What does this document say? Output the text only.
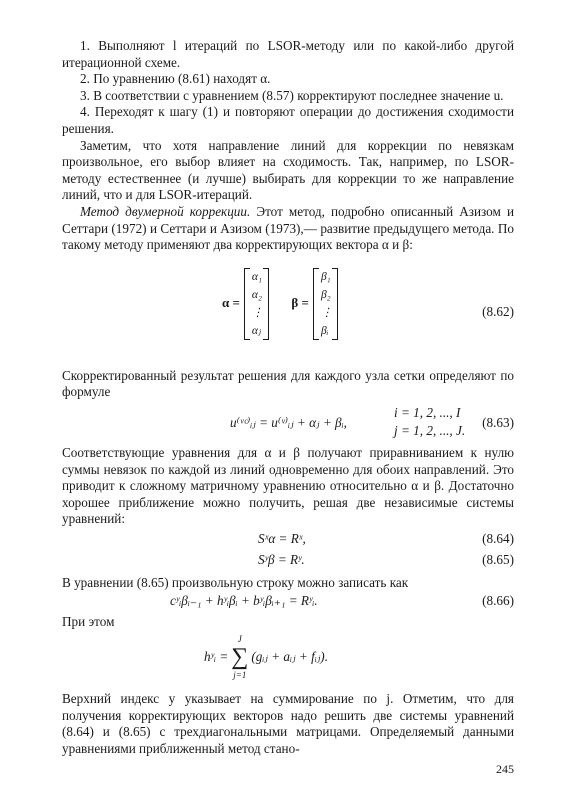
1. Выполняют l итераций по LSOR-методу или по какой-либо другой итерационной схеме.

2. По уравнению (8.61) находят α.

3. В соответствии с уравнением (8.57) корректируют последнее значение u.

4. Переходят к шагу (1) и повторяют операции до достижения сходимости решения.

Заметим, что хотя направление линий для коррекции по невязкам произвольное, его выбор влияет на сходимость. Так, например, по LSOR-методу естественнее (и лучше) выбирать для коррекции то же направление линий, что и для LSOR-итераций.

Метод двумерной коррекции. Этот метод, подробно описанный Азизом и Сеттари (1972) и Сеттари и Азизом (1973),— развитие предыдущего метода. По такому методу применяют два корректирующих вектора α и β:

α =
α₁
α₂
⋮
αⱼ
β =
β₁
β₂
⋮
βᵢ
(8.62)

Скорректированный результат решения для каждого узла сетки определяют по формуле

u⁽ᵛᶜ⁾ᵢⱼ = u⁽ᵛ⁾ᵢⱼ + αⱼ + βᵢ,
i = 1, 2, ..., I
j = 1, 2, ..., J.
(8.63)

Соответствующие уравнения для α и β получают приравниванием к нулю суммы невязок по каждой из линий одновременно для обоих направлений. Это приводит к сложному матричному уравнению относительно α и β. Достаточно хорошее приближение можно получить, решая две независимые системы уравнений:

Sˣα = Rˣ,	(8.64)
Sʸβ = Rʸ.	(8.65)

В уравнении (8.65) произвольную строку можно записать как

cʸᵢβᵢ₋₁ + hʸᵢβᵢ + bʸᵢβᵢ₊₁ = Rʸᵢ.	(8.66)

При этом

hʸᵢ =
J
∑
j=1
(gᵢⱼ + aᵢⱼ + fᵢⱼ).

Верхний индекс y указывает на суммирование по j. Отметим, что для получения корректирующих векторов надо решить две системы уравнений (8.64) и (8.65) с трехдиагональными матрицами. Определяемый данными уравнениями приближенный метод стано-

245
